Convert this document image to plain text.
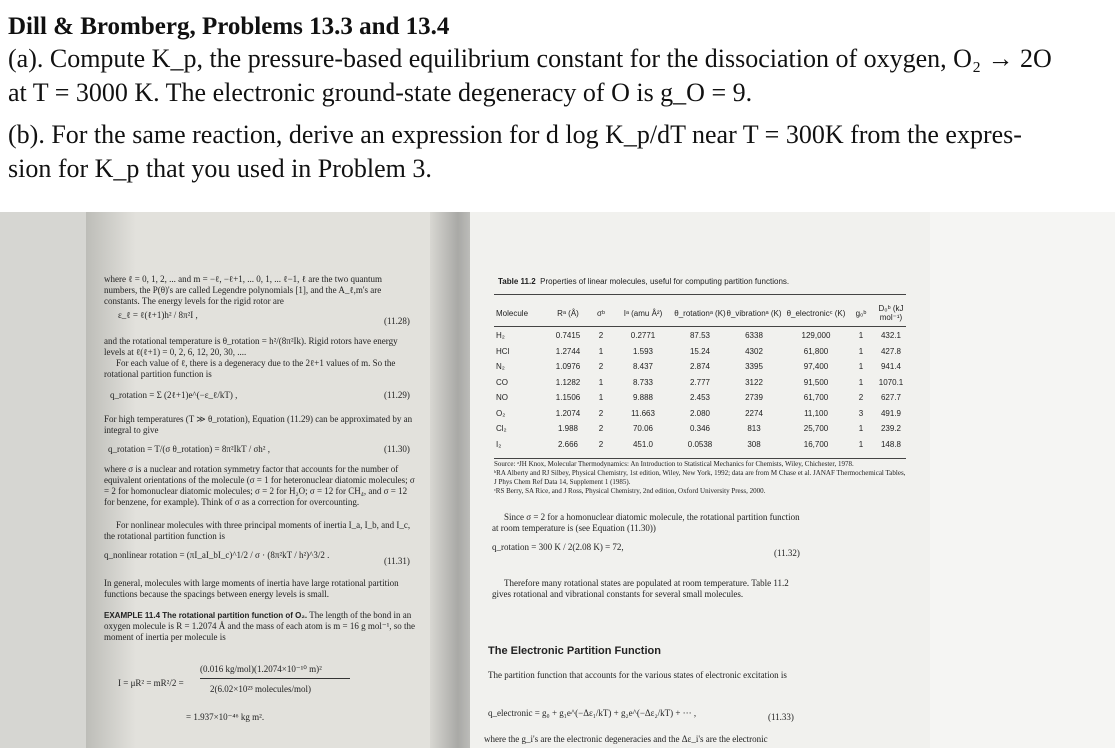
Dill & Bromberg, Problems 13.3 and 13.4

(a). Compute K_p, the pressure-based equilibrium constant for the dissociation of oxygen, O₂ → 2O

at T = 3000 K. The electronic ground-state degeneracy of O is g_O = 9.

(b). For the same reaction, derive an expression for d log K_p/dT near T = 300K from the expres-

sion for K_p that you used in Problem 3.

where ℓ = 0, 1, 2, ... and m = −ℓ, −ℓ+1, ... 0, 1, ... ℓ−1, ℓ are the two quantum numbers, the P(θ)'s are called Legendre polynomials [1], and the A_ℓ,m's are constants. The energy levels for the rigid rotor are
ε_ℓ = ℓ(ℓ+1)h² / 8π²I ,
(11.28)
and the rotational temperature is θ_rotation = h²/(8π²Ik). Rigid rotors have energy levels at ℓ(ℓ+1) = 0, 2, 6, 12, 20, 30, ....
For each value of ℓ, there is a degeneracy due to the 2ℓ+1 values of m. So the rotational partition function is
q_rotation = Σ (2ℓ+1)e^(−ε_ℓ/kT) ,	(11.29)
For high temperatures (T ≫ θ_rotation), Equation (11.29) can be approximated by an integral to give
q_rotation = T/(σ θ_rotation) = 8π²IkT / σh² ,	(11.30)
where σ is a nuclear and rotation symmetry factor that accounts for the number of equivalent orientations of the molecule (σ = 1 for heteronuclear diatomic molecules; σ = 2 for homonuclear diatomic molecules; σ = 2 for H₂O; σ = 12 for CH₄, and σ = 12 for benzene, for example). Think of σ as a correction for overcounting.
For nonlinear molecules with three principal moments of inertia I_a, I_b, and I_c, the rotational partition function is
q_nonlinear rotation = (πI_aI_bI_c)^1/2 / σ · (8π²kT / h²)^3/2 .
(11.31)
In general, molecules with large moments of inertia have large rotational partition functions because the spacings between energy levels is small.
EXAMPLE 11.4 The rotational partition function of O₂. The length of the bond in an oxygen molecule is R = 1.2074 Å and the mass of each atom is m = 16 g mol⁻¹, so the moment of inertia per molecule is
I = μR² = mR²/2 =
(0.016 kg/mol)(1.2074×10⁻¹⁰ m)²
2(6.02×10²³ molecules/mol)
= 1.937×10⁻⁴⁶ kg m².
Table 11.2 Properties of linear molecules, useful for computing partition functions.
Molecule	Rᵃ (Å)	σᵇ	Iᵃ (amu Å²)	θ_rotationᵃ (K)	θ_vibrationᵃ (K)	θ_electronicᶜ (K)	g₀ᵇ	D₀ᵇ (kJ mol⁻¹)
H₂	0.7415	2	0.2771	87.53	6338	129,000	1	432.1
HCl	1.2744	1	1.593	15.24	4302	61,800	1	427.8
N₂	1.0976	2	8.437	2.874	3395	97,400	1	941.4
CO	1.1282	1	8.733	2.777	3122	91,500	1	1070.1
NO	1.1506	1	9.888	2.453	2739	61,700	2	627.7
O₂	1.2074	2	11.663	2.080	2274	11,100	3	491.9
Cl₂	1.988	2	70.06	0.346	813	25,700	1	239.2
I₂	2.666	2	451.0	0.0538	308	16,700	1	148.8
Source: ᵃJH Knox, Molecular Thermodynamics: An Introduction to Statistical Mechanics for Chemists, Wiley, Chichester, 1978.
ᵇRA Alberty and RJ Silbey, Physical Chemistry, 1st edition, Wiley, New York, 1992; data are from M Chase et al. JANAF Thermochemical Tables, J Phys Chem Ref Data 14, Supplement 1 (1985).
ᶜRS Berry, SA Rice, and J Ross, Physical Chemistry, 2nd edition, Oxford University Press, 2000.
Since σ = 2 for a homonuclear diatomic molecule, the rotational partition function at room temperature is (see Equation (11.30))
q_rotation = 300 K / 2(2.08 K) = 72,
(11.32)
Therefore many rotational states are populated at room temperature. Table 11.2 gives rotational and vibrational constants for several small molecules.
The Electronic Partition Function
The partition function that accounts for the various states of electronic excitation is
q_electronic = g₀ + g₁e^(−Δε₁/kT) + g₂e^(−Δε₂/kT) + ··· ,	(11.33)
where the g_i's are the electronic degeneracies and the Δε_i's are the electronic
